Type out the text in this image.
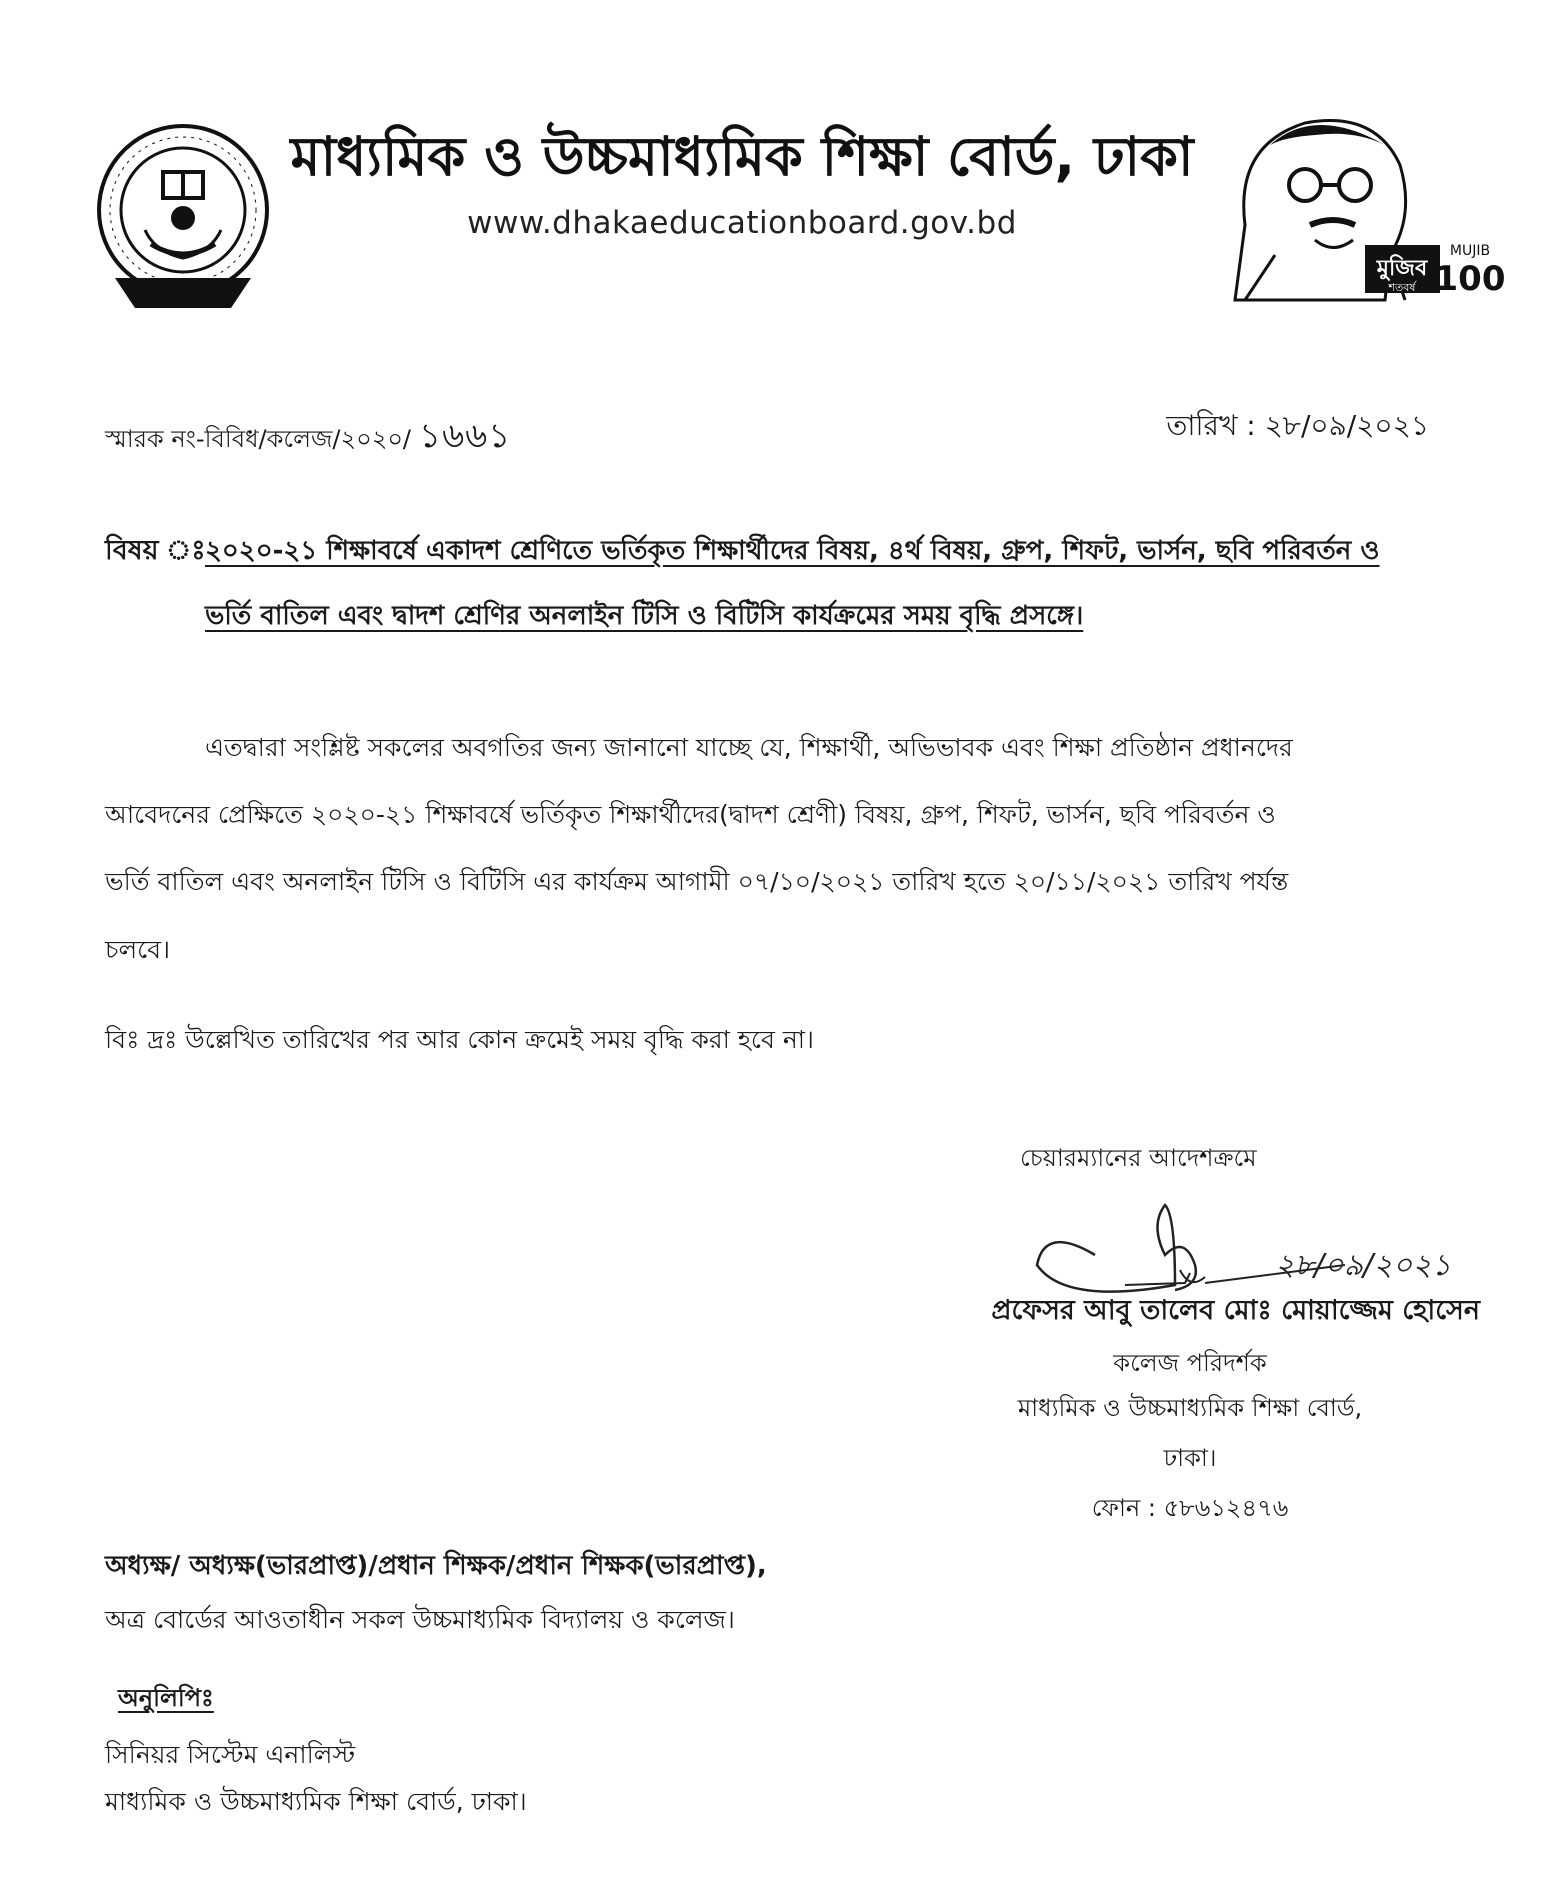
মাধ্যমিক ও উচ্চমাধ্যমিক শিক্ষা বোর্ড, ঢাকা
www.dhakaeducationboard.gov.bd
মুজিব
শতবর্ষ
MUJIB
100
স্মারক নং-বিবিধ/কলেজ/২০২০/ ১৬৬১	তারিখ : ২৮/০৯/২০২১
বিষয় ঃ ২০২০-২১ শিক্ষাবর্ষে একাদশ শ্রেণিতে ভর্তিকৃত শিক্ষার্থীদের বিষয়, ৪র্থ বিষয়, গ্রুপ, শিফট, ভার্সন, ছবি পরিবর্তন ও
ভর্তি বাতিল এবং দ্বাদশ শ্রেণির অনলাইন টিসি ও বিটিসি কার্যক্রমের সময় বৃদ্ধি প্রসঙ্গে।
এতদ্বারা সংশ্লিষ্ট সকলের অবগতির জন্য জানানো যাচ্ছে যে, শিক্ষার্থী, অভিভাবক এবং শিক্ষা প্রতিষ্ঠান প্রধানদের
আবেদনের প্রেক্ষিতে ২০২০-২১ শিক্ষাবর্ষে ভর্তিকৃত শিক্ষার্থীদের(দ্বাদশ শ্রেণী) বিষয়, গ্রুপ, শিফট, ভার্সন, ছবি পরিবর্তন ও
ভর্তি বাতিল এবং অনলাইন টিসি ও বিটিসি এর কার্যক্রম আগামী ০৭/১০/২০২১ তারিখ হতে ২০/১১/২০২১ তারিখ পর্যন্ত
চলবে।
বিঃ দ্রঃ উল্লেখিত তারিখের পর আর কোন ক্রমেই সময় বৃদ্ধি করা হবে না।
চেয়ারম্যানের আদেশক্রমে
২৮/০৯/২০২১
প্রফেসর আবু তালেব মোঃ মোয়াজ্জেম হোসেন
কলেজ পরিদর্শক
মাধ্যমিক ও উচ্চমাধ্যমিক শিক্ষা বোর্ড,
ঢাকা।
ফোন : ৫৮৬১২৪৭৬
অধ্যক্ষ/ অধ্যক্ষ(ভারপ্রাপ্ত)/প্রধান শিক্ষক/প্রধান শিক্ষক(ভারপ্রাপ্ত),
অত্র বোর্ডের আওতাধীন সকল উচ্চমাধ্যমিক বিদ্যালয় ও কলেজ।
অনুলিপিঃ
সিনিয়র সিস্টেম এনালিস্ট
মাধ্যমিক ও উচ্চমাধ্যমিক শিক্ষা বোর্ড, ঢাকা।
